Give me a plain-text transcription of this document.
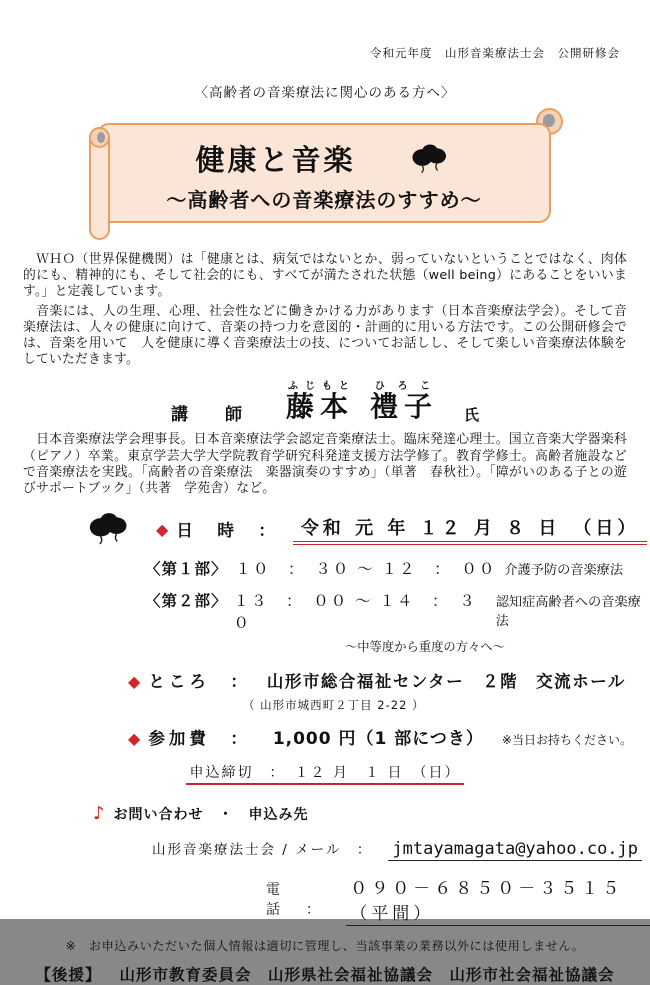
令和元年度　山形音楽療法士会　公開研修会
〈高齢者の音楽療法に関心のある方へ〉
健康と音楽
～高齢者への音楽療法のすすめ～

　ＷＨＯ（世界保健機関）は「健康とは、病気ではないとか、弱っていないということではなく、肉体的にも、精神的にも、そして社会的にも、すべてが満たされた状態（well being）にあることをいいます。」と定義しています。

　音楽には、人の生理、心理、社会性などに働きかける力があります（日本音楽療法学会）。そして音楽療法は、人々の健康に向けて、音楽の持つ力を意図的・計画的に用いる方法です。この公開研修会では、音楽を用いて　人を健康に導く音楽療法士の技、についてお話しし、そして楽しい音楽療法体験をしていただきます。

講　師 藤本ふじもと禮子ひろこ氏

　日本音楽療法学会理事長。日本音楽療法学会認定音楽療法士。臨床発達心理士。国立音楽大学器楽科（ピアノ）卒業。東京学芸大学大学院教育学研究科発達支援方法学修了。教育学修士。高齢者施設などで音楽療法を実践。「高齢者の音楽療法　楽器演奏のすすめ」（単著　春秋社）。「障がいのある子との遊びサポートブック」（共著　学苑舎）など。

◆ 日　時　：	令和 元 年 １２ 月 ８ 日　（日）
〈第１部〉 １０　：　３０ ～ １２　：　００ 介護予防の音楽療法
〈第２部〉 １３　：　００ ～ １４　：　３０
認知症高齢者への音楽療法
～中等度から重度の方々へ～
◆ ところ　： 山形市総合福祉センター　２階　交流ホール
（ 山形市城西町２丁目 2-22 ）
◆ 参加費　： 1,000 円（1 部につき） ※当日お持ちください。
申込締切　：　１２ 月　１ 日　（日）
♪ お問い合わせ　・　申込み先
山形音楽療法士会 / メール　： jmtayamagata@yahoo.co.jp
電話　：
０９０－６８５０－３５１５（平間）
※　お申込みいただいた個人情報は適切に管理し、当該事業の業務以外には使用しません。
【後援】 山形市教育委員会　山形県社会福祉協議会　山形市社会福祉協議会
